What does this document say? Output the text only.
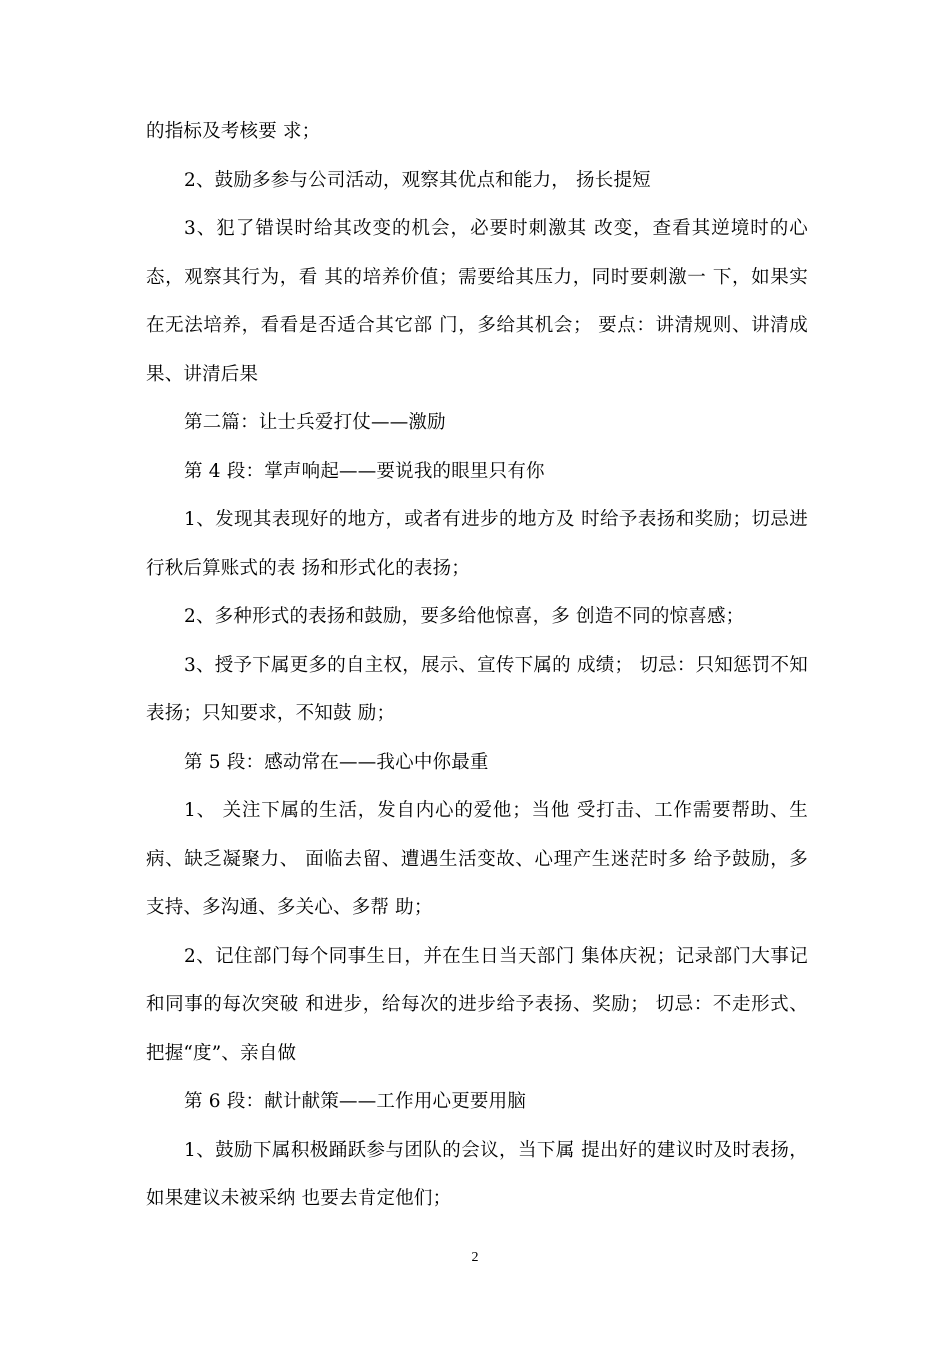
的指标及考核要 求；

2、鼓励多参与公司活动，观察其优点和能力， 扬长提短

3、犯了错误时给其改变的机会，必要时刺激其 改变，查看其逆境时的心态，观察其行为，看 其的培养价值；需要给其压力，同时要刺激一 下，如果实在无法培养，看看是否适合其它部 门，多给其机会； 要点：讲清规则、讲清成果、讲清后果

第二篇：让士兵爱打仗——激励

第 4 段：掌声响起——要说我的眼里只有你

1、发现其表现好的地方，或者有进步的地方及 时给予表扬和奖励；切忌进行秋后算账式的表 扬和形式化的表扬；

2、多种形式的表扬和鼓励，要多给他惊喜，多 创造不同的惊喜感；

3、授予下属更多的自主权，展示、宣传下属的 成绩； 切忌：只知惩罚不知表扬；只知要求，不知鼓 励；

第 5 段：感动常在——我心中你最重

1、 关注下属的生活，发自内心的爱他；当他 受打击、工作需要帮助、生病、缺乏凝聚力、 面临去留、遭遇生活变故、心理产生迷茫时多 给予鼓励，多支持、多沟通、多关心、多帮 助；

2、记住部门每个同事生日，并在生日当天部门 集体庆祝；记录部门大事记和同事的每次突破 和进步，给每次的进步给予表扬、奖励； 切忌：不走形式、把握“度”、亲自做

第 6 段：献计献策——工作用心更要用脑

1、鼓励下属积极踊跃参与团队的会议，当下属 提出好的建议时及时表扬，如果建议未被采纳 也要去肯定他们；

2
